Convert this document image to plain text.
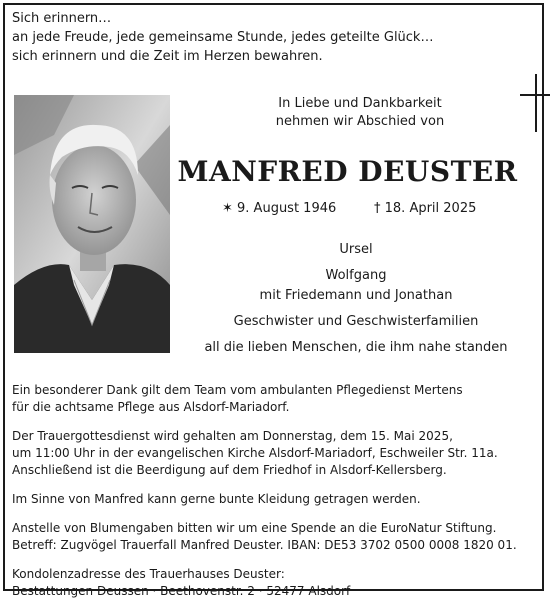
Sich erinnern…
an jede Freude, jede gemeinsame Stunde, jedes geteilte Glück…
sich erinnern und die Zeit im Herzen bewahren.
In Liebe und Dankbarkeit
nehmen wir Abschied von
MANFRED DEUSTER
✶ 9. August 1946	† 18. April 2025
Ursel
Wolfgang
mit Friedemann und Jonathan
Geschwister und Geschwisterfamilien
all die lieben Menschen, die ihm nahe standen

Ein besonderer Dank gilt dem Team vom ambulanten Pflegedienst Mertens
für die achtsame Pflege aus Alsdorf-Mariadorf.

Der Trauergottesdienst wird gehalten am Donnerstag, dem 15. Mai 2025,
um 11:00 Uhr in der evangelischen Kirche Alsdorf-Mariadorf, Eschweiler Str. 11a.
Anschließend ist die Beerdigung auf dem Friedhof in Alsdorf-Kellersberg.

Im Sinne von Manfred kann gerne bunte Kleidung getragen werden.

Anstelle von Blumengaben bitten wir um eine Spende an die EuroNatur Stiftung.
Betreff: Zugvögel Trauerfall Manfred Deuster. IBAN: DE53 3702 0500 0008 1820 01.

Kondolenzadresse des Trauerhauses Deuster:
Bestattungen Deussen · Beethovenstr. 2 · 52477 Alsdorf
